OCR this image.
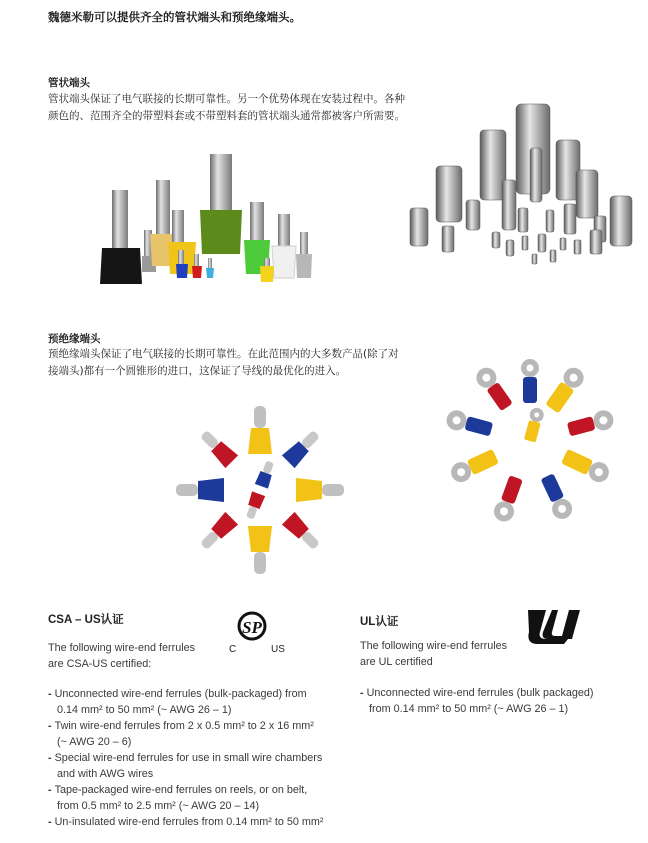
魏德米勒可以提供齐全的管状端头和预绝缘端头。
管状端头
管状端头保证了电气联接的长期可靠性。另一个优势体现在安装过程中。各种
颜色的、范围齐全的带塑料套或不带塑料套的管状端头通常都被客户所需要。
预绝缘端头
预绝缘端头保证了电气联接的长期可靠性。在此范围内的大多数产品(除了对
接端头)都有一个圆锥形的进口，这保证了导线的最优化的进入。
CSA – US认证
The following wire-end ferrules
are CSA-US certified:
SP
C	US
- Unconnected wire-end ferrules (bulk-packaged) from
0.14 mm² to 50 mm² (~ AWG 26 – 1)
- Twin wire-end ferrules from 2 x 0.5 mm² to 2 x 16 mm²
(~ AWG 20 – 6)
- Special wire-end ferrules for use in small wire chambers
and with AWG wires
- Tape-packaged wire-end ferrules on reels, or on belt,
from 0.5 mm² to 2.5 mm² (~ AWG 20 – 14)
- Un-insulated wire-end ferrules from 0.14 mm² to 50 mm²
UL认证
The following wire-end ferrules
are UL certified
- Unconnected wire-end ferrules (bulk packaged)
from 0.14 mm² to 50 mm² (~ AWG 26 – 1)
